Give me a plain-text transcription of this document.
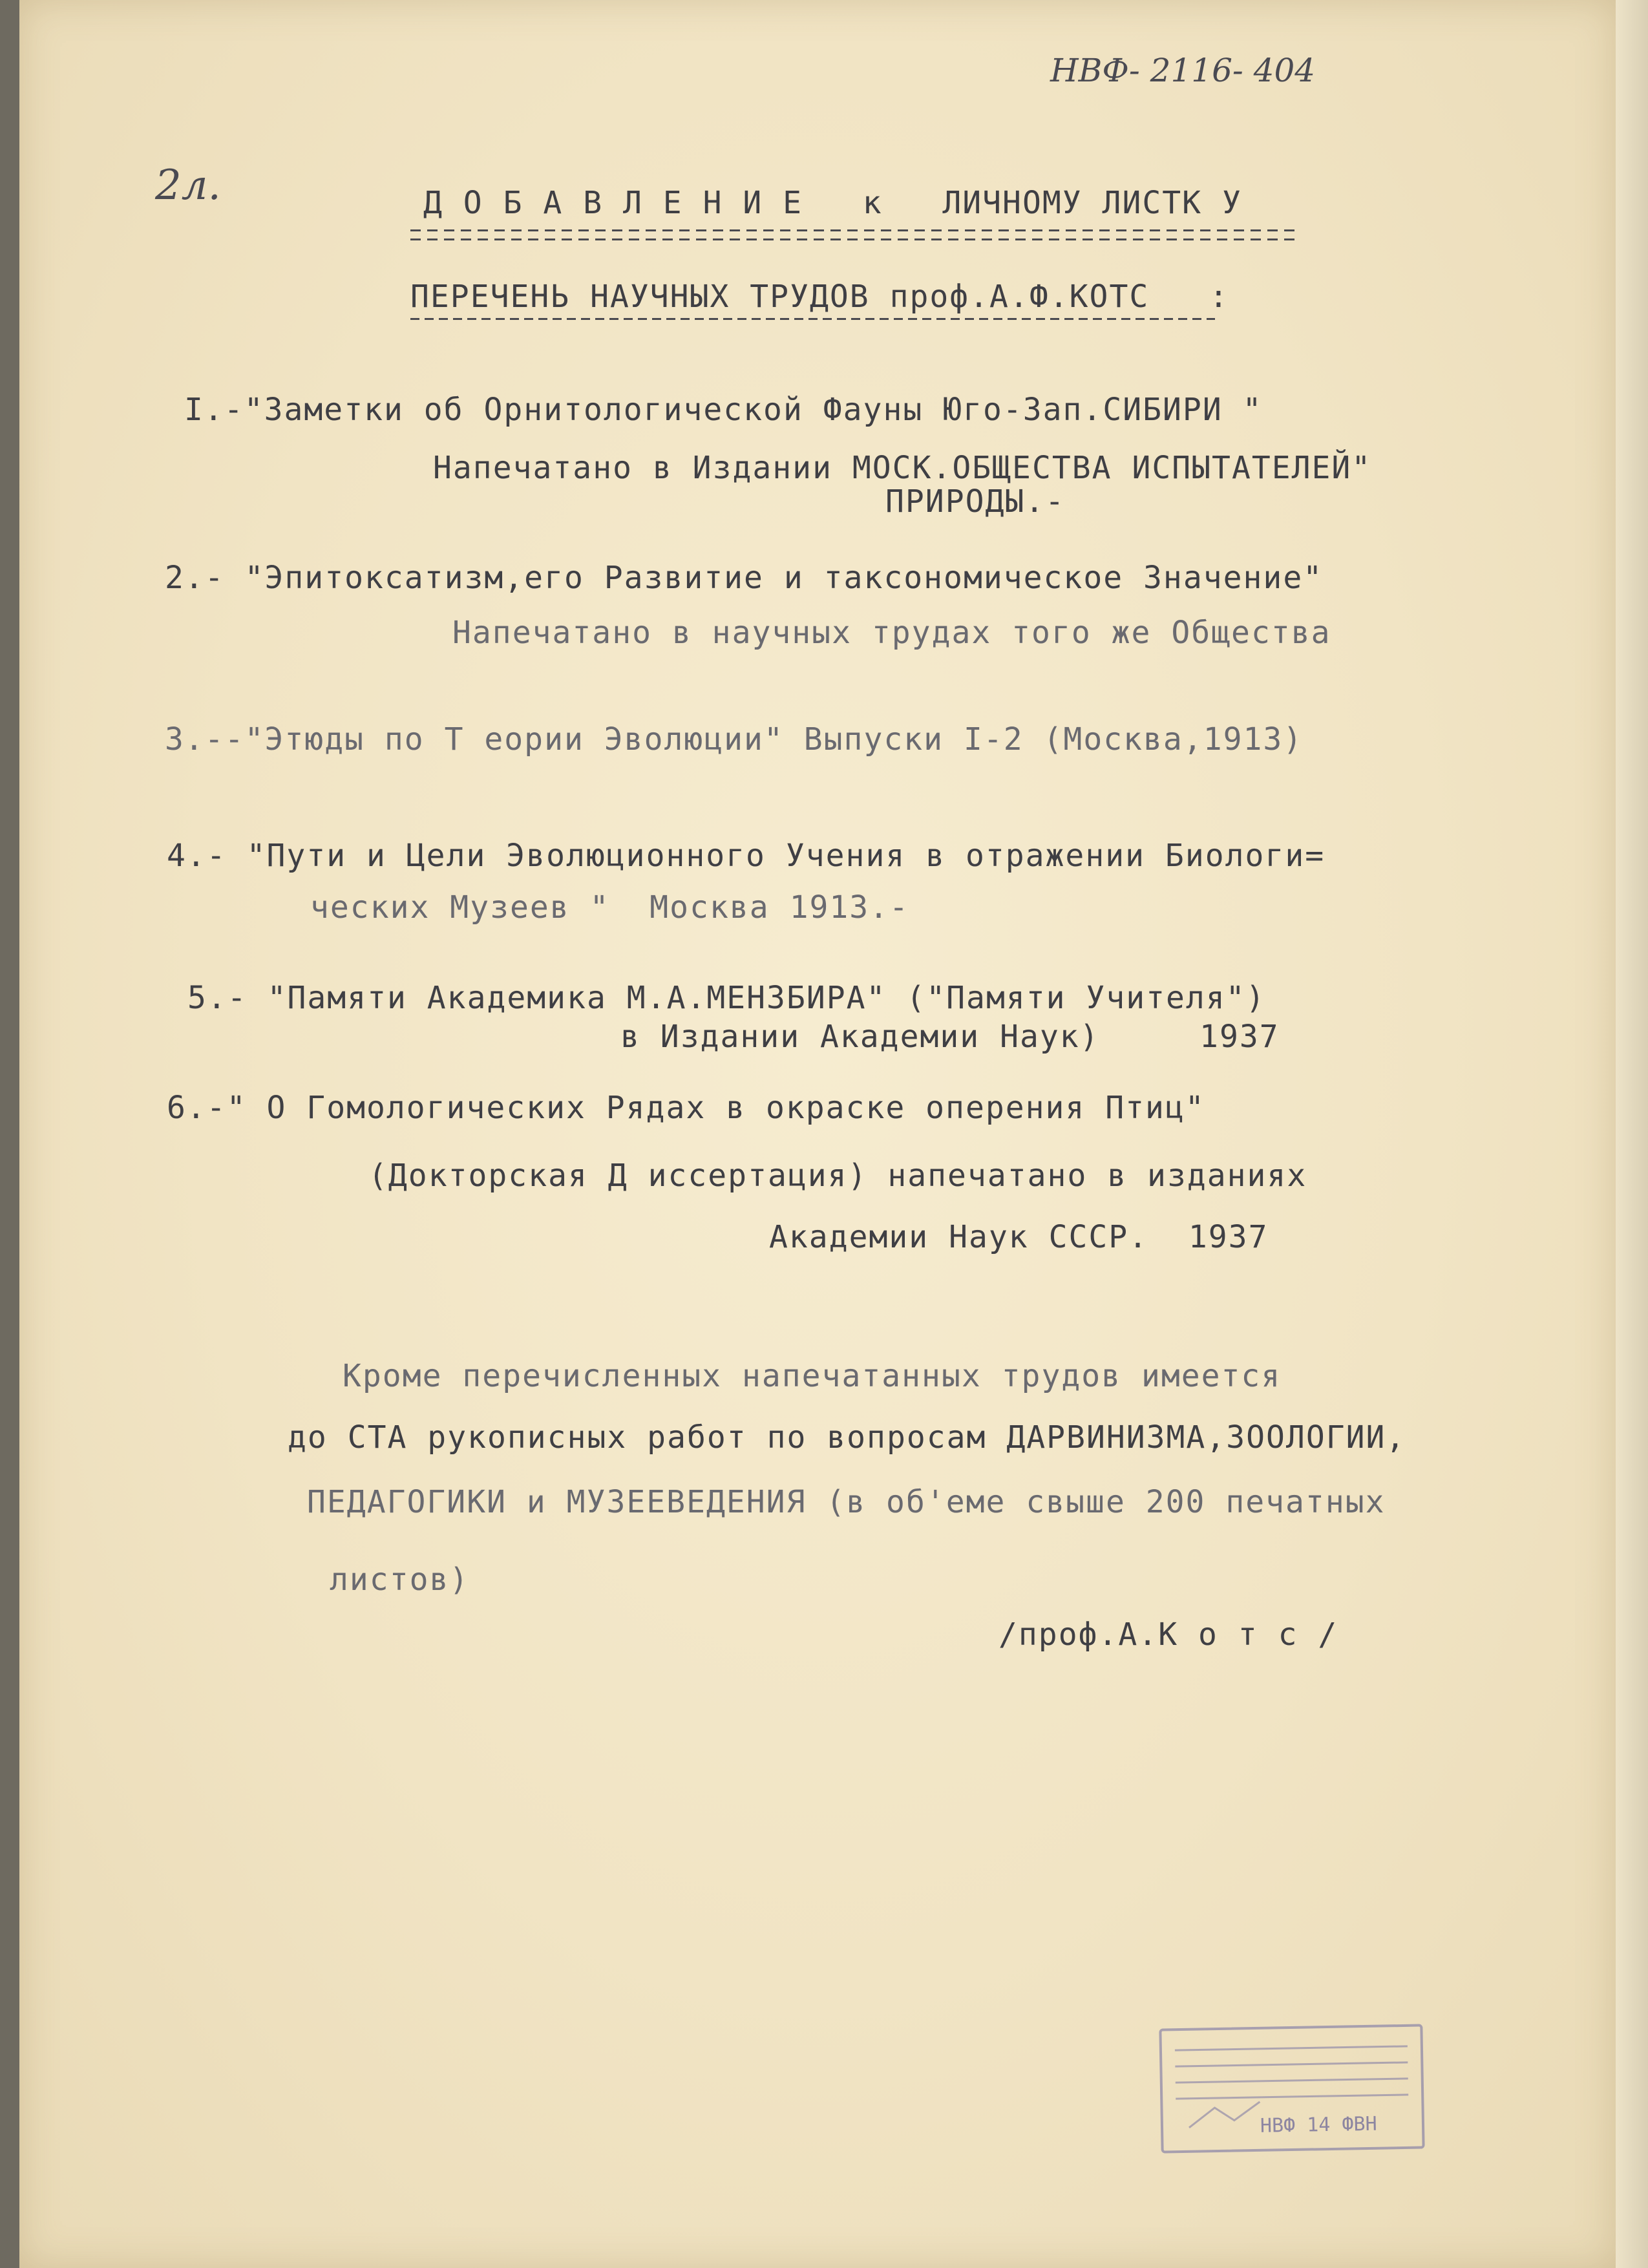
НВФ- 2116- 404
2л.	Д О Б А В Л Е Н И Е   к   ЛИЧНОМУ ЛИСТК У
ПЕРЕЧЕНЬ НАУЧНЫХ ТРУДОВ проф.А.Ф.КОТС   :
I.-"Заметки об Орнитологической Фауны Юго-Зап.СИБИРИ "
Напечатано в Издании МОСК.ОБЩЕСТВА ИСПЫТАТЕЛЕЙ"
ПРИРОДЫ.-
2.- "Эпитоксатизм,его Развитие и таксономическое Значение"
Напечатано в научных трудах того же Общества
3.--"Этюды по Т еории Эволюции" Выпуски I-2 (Москва,1913)
4.- "Пути и Цели Эволюционного Учения в отражении Биологи=
ческих Музеев "  Москва 1913.-
5.- "Памяти Академика М.А.МЕНЗБИРА" ("Памяти Учителя")
в Издании Академии Наук)     1937
6.-" О Гомологических Рядах в окраске оперения Птиц"
(Докторская Д иссертация) напечатано в изданиях
Академии Наук СССР.  1937
Кроме перечисленных напечатанных трудов имеется
до СТА рукописных работ по вопросам ДАРВИНИЗМА,ЗООЛОГИИ,
ПЕДАГОГИКИ и МУЗЕЕВЕДЕНИЯ (в об'еме свыше 200 печатных
листов)
/проф.А.К о т с /
НВФ 14 ФВН
